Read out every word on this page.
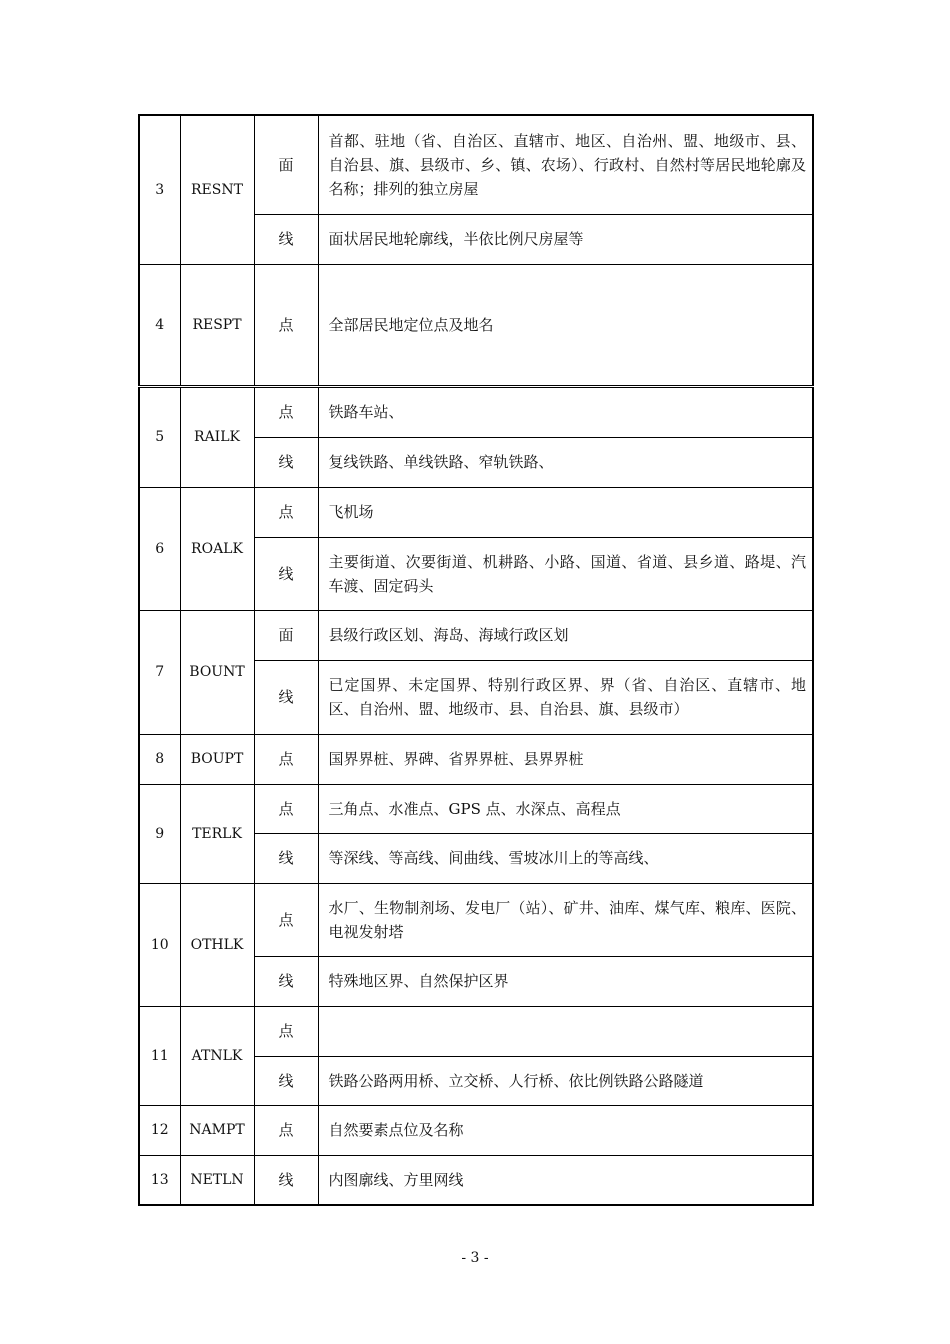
3	RESNT	面	首都、驻地（省、自治区、直辖市、地区、自治州、盟、地级市、县、自治县、旗、县级市、乡、镇、农场）、行政村、自然村等居民地轮廓及名称；排列的独立房屋
		线	面状居民地轮廓线，半依比例尺房屋等
4	RESPT	点	全部居民地定位点及地名
5	RAILK	点	铁路车站、
		线	复线铁路、单线铁路、窄轨铁路、
6	ROALK	点	飞机场
		线	主要街道、次要街道、机耕路、小路、国道、省道、县乡道、路堤、汽车渡、固定码头
7	BOUNT	面	县级行政区划、海岛、海域行政区划
		线	已定国界、未定国界、特别行政区界、界（省、自治区、直辖市、地区、自治州、盟、地级市、县、自治县、旗、县级市）
8	BOUPT	点	国界界桩、界碑、省界界桩、县界界桩
9	TERLK	点	三角点、水准点、GPS 点、水深点、高程点
		线	等深线、等高线、间曲线、雪坡冰川上的等高线、
10	OTHLK	点	水厂、生物制剂场、发电厂（站）、矿井、油库、煤气库、粮库、医院、电视发射塔
		线	特殊地区界、自然保护区界
11	ATNLK	点	
		线	铁路公路两用桥、立交桥、人行桥、依比例铁路公路隧道
12	NAMPT	点	自然要素点位及名称
13	NETLN	线	内图廓线、方里网线
- 3 -
